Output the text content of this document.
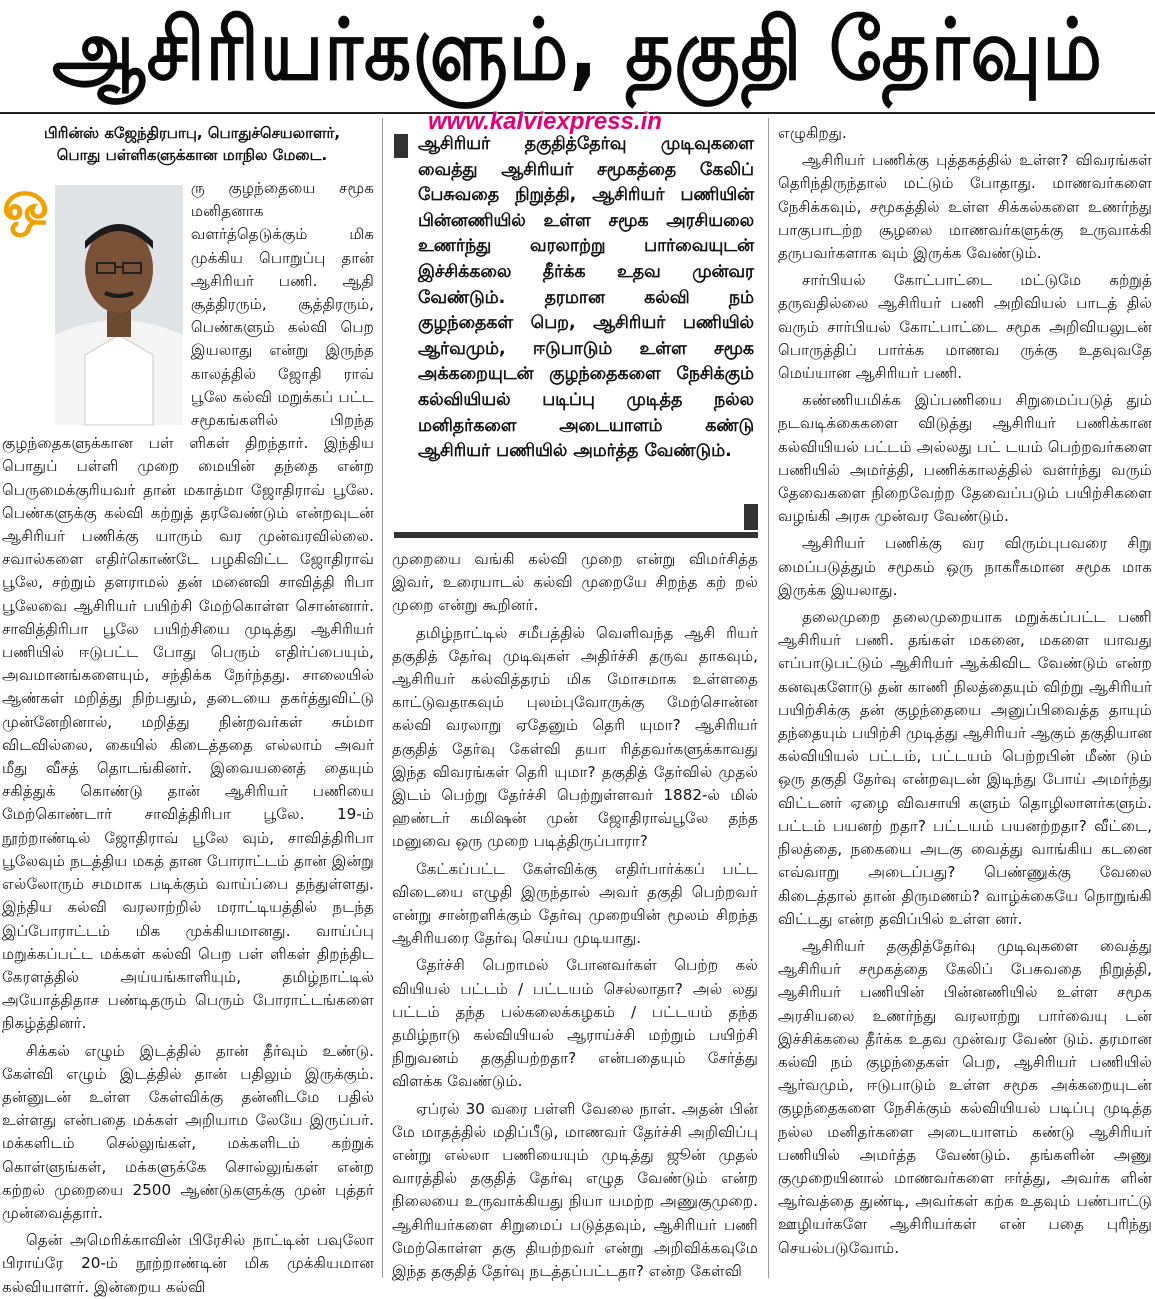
ஆசிரியர்களும், தகுதி தேர்வும்
பிரின்ஸ் கஜேந்திரபாபு, பொதுச்செயலாளர்,
பொது பள்ளிகளுக்கான மாநில மேடை.
www.kalviexpress.in

ஒ	ரு குழந்தையை சமூக மனிதனாக வளர்த்தெடுக்கும் மிக முக்கிய பொறுப்பு தான் ஆசிரியர் பணி. ஆதி சூத்திரரும், சூத்திரரும், பெண்களும் கல்வி பெற இயலாது என்று இருந்த காலத்தில் ஜோதி ராவ் பூலே கல்வி மறுக்கப் பட்ட சமூகங்களில் பிறந்த குழந்தைகளுக்கான பள் ளிகள் திறந்தார். இந்திய பொதுப் பள்ளி முறை மையின் தந்தை என்ற பெருமைக்குரியவர் தான் மகாத்மா ஜோதிராவ் பூலே. பெண்களுக்கு கல்வி கற்றுத் தரவேண்டும் என்றவுடன் ஆசிரியர் பணிக்கு யாரும் வர முன்வரவில்லை. சவால்களை எதிர்கொண்டே பழகிவிட்ட ஜோதிராவ் பூலே, சற்றும் தளராமல் தன் மனைவி சாவித்தி ரிபா பூலேவை ஆசிரியர் பயிற்சி மேற்கொள்ள சொன்னார். சாவித்திரிபா பூலே பயிற்சியை முடித்து ஆசிரியர் பணியில் ஈடுபட்ட போது பெரும் எதிர்ப்பையும், அவமானங்களையும், சந்திக்க நேர்ந்தது. சாலையில் ஆண்கள் மறித்து நிற்பதும், தடையை தகர்த்துவிட்டு முன்னேறினால், மறித்து நின்றவர்கள் சும்மா விடவில்லை, கையில் கிடைத்ததை எல்லாம் அவர் மீது வீசத் தொடங்கினர். இவையனைத் தையும் சகித்துக் கொண்டு தான் ஆசிரியர் பணியை மேற்கொண்டார் சாவித்திரிபா பூலே. 19-ம் நூற்றாண்டில் ஜோதிராவ் பூலே வும், சாவித்திரிபா பூலேவும் நடத்திய மகத் தான போராட்டம் தான் இன்று எல்லோரும் சமமாக படிக்கும் வாய்ப்பை தந்துள்ளது. இந்திய கல்வி வரலாற்றில் மராட்டியத்தில் நடந்த இப்போராட்டம் மிக முக்கியமானது. வாய்ப்பு மறுக்கப்பட்ட மக்கள் கல்வி பெற பள் ளிகள் திறந்திட கேரளத்தில் அய்யங்காளியும், தமிழ்நாட்டில் அயோத்திதாச பண்டிதரும் பெரும் போராட்டங்களை நிகழ்த்தினர்.

சிக்கல் எழும் இடத்தில் தான் தீர்வும் உண்டு. கேள்வி எழும் இடத்தில் தான் பதிலும் இருக்கும். தன்னுடன் உள்ள கேள்விக்கு தன்னிடமே பதில் உள்ளது என்பதை மக்கள் அறியாம லேயே இருப்பர். மக்களிடம் செல்லுங்கள், மக்களிடம் கற்றுக் கொள்ளுங்கள், மக்களுக்கே சொல்லுங்கள் என்ற கற்றல் முறையை 2500 ஆண்டுகளுக்கு முன் புத்தர் முன்வைத்தார்.

தென் அமெரிக்காவின் பிரேசில் நாட்டின் பவுலோ பிராய்ரே 20-ம் நூற்றாண்டின் மிக முக்கியமான கல்வியாளர். இன்றைய கல்வி

ஆசிரியர் தகுதித்தேர்வு முடிவுகளை வைத்து ஆசிரியர் சமூகத்தை கேலிப் பேசுவதை நிறுத்தி, ஆசிரியர் பணியின் பின்னணியில் உள்ள சமூக அரசியலை உணர்ந்து வரலாற்று பார்வையுடன் இச்சிக்கலை தீர்க்க உதவ முன்வர வேண்டும். தரமான கல்வி நம் குழந்தைகள் பெற, ஆசிரியர் பணியில் ஆர்வமும், ஈடுபாடும் உள்ள சமூக அக்கறையுடன் குழந்தைகளை நேசிக்கும் கல்வியியல் படிப்பு முடித்த நல்ல மனிதர்களை அடையாளம் கண்டு ஆசிரியர் பணியில் அமர்த்த வேண்டும்.

முறையை வங்கி கல்வி முறை என்று விமர்சித்த இவர், உரையாடல் கல்வி முறையே சிறந்த கற் றல் முறை என்று கூறினர்.

தமிழ்நாட்டில் சமீபத்தில் வெளிவந்த ஆசி ரியர் தகுதித் தேர்வு முடிவுகள் அதிர்ச்சி தருவ தாகவும், ஆசிரியர் கல்வித்தரம் மிக மோசமாக உள்ளதை காட்டுவதாகவும் புலம்புவோருக்கு மேற்சொன்ன கல்வி வரலாறு ஏதேனும் தெரி யுமா? ஆசிரியர் தகுதித் தேர்வு கேள்வி தயா ரித்தவர்களுக்காவது இந்த விவரங்கள் தெரி யுமா? தகுதித் தேர்வில் முதல் இடம் பெற்று தேர்ச்சி பெற்றுள்ளவர் 1882-ல் மில் ஹண்டர் கமிஷன் முன் ஜோதிராவ்பூலே தந்த மனுவை ஒரு முறை படித்திருப்பாரா?

கேட்கப்பட்ட கேள்விக்கு எதிர்பார்க்கப் பட்ட விடையை எழுதி இருந்தால் அவர் தகுதி பெற்றவர் என்று சான்றளிக்கும் தேர்வு முறையின் மூலம் சிறந்த ஆசிரியரை தேர்வு செய்ய முடியாது.

தேர்ச்சி பெறாமல் போனவர்கள் பெற்ற கல் வியியல் பட்டம் / பட்டயம் செல்லாதா? அல் லது பட்டம் தந்த பல்கலைக்கழகம் / பட்டயம் தந்த தமிழ்நாடு கல்வியியல் ஆராய்ச்சி மற்றும் பயிற்சி நிறுவனம் தகுதியற்றதா? என்பதையும் சேர்த்து விளக்க வேண்டும்.

ஏப்ரல் 30 வரை பள்ளி வேலை நாள். அதன் பின் மே மாதத்தில் மதிப்பீடு, மாணவர் தேர்ச்சி அறிவிப்பு என்று எல்லா பணியையும் முடித்து ஜூன் முதல் வாரத்தில் தகுதித் தேர்வு எழுத வேண்டும் என்ற நிலையை உருவாக்கியது நியா யமற்ற அணுகுமுறை. ஆசிரியர்களை சிறுமைப் படுத்தவும், ஆசிரியர் பணி மேற்கொள்ள தகு தியற்றவர் என்று அறிவிக்கவுமே இந்த தகுதித் தேர்வு நடத்தப்பட்டதா? என்ற கேள்வி

எழுகிறது.

ஆசிரியர் பணிக்கு புத்தகத்தில் உள்ள? விவரங்கள் தெரிந்திருந்தால் மட்டும் போதாது. மாணவர்களை நேசிக்கவும், சமூகத்தில் உள்ள சிக்கல்களை உணர்ந்து பாகுபாடற்ற சூழலை மாணவர்களுக்கு உருவாக்கி தருபவர்களாக வும் இருக்க வேண்டும்.

சார்பியல் கோட்பாட்டை மட்டுமே கற்றுத் தருவதில்லை ஆசிரியர் பணி அறிவியல் பாடத் தில் வரும் சார்பியல் கோட்பாட்டை சமூக அறிவியலுடன் பொருத்திப் பார்க்க மாணவ ருக்கு உதவுவதே மெய்யான ஆசிரியர் பணி.

கண்ணியமிக்க இப்பணியை சிறுமைப்படுத் தும் நடவடிக்கைகளை விடுத்து ஆசிரியர் பணிக்கான கல்வியியல் பட்டம் அல்லது பட் டயம் பெற்றவர்களை பணியில் அமர்த்தி, பணிக்காலத்தில் வளர்ந்து வரும் தேவைகளை நிறைவேற்ற தேவைப்படும் பயிற்சிகளை வழங்கி அரசு முன்வர வேண்டும்.

ஆசிரியர் பணிக்கு வர விரும்புபவரை சிறு மைப்படுத்தும் சமூகம் ஒரு நாகரீகமான சமூக மாக இருக்க இயலாது.

தலைமுறை தலைமுறையாக மறுக்கப்பட்ட பணி ஆசிரியர் பணி. தங்கள் மகனை, மகளை யாவது எப்பாடுபட்டும் ஆசிரியர் ஆக்கிவிட வேண்டும் என்ற கனவுகளோடு தன் காணி நிலத்தையும் விற்று ஆசிரியர் பயிற்சிக்கு தன் குழந்தையை அனுப்பிவைத்த தாயும் தந்தையும் பயிற்சி முடித்து ஆசிரியர் ஆகும் தகுதியான கல்வியியல் பட்டம், பட்டயம் பெற்றபின் மீண் டும் ஒரு தகுதி தேர்வு என்றவுடன் இடிந்து போய் அமர்ந்து விட்டனர் ஏழை விவசாயி களும் தொழிலாளர்களும். பட்டம் பயனற் றதா? பட்டயம் பயனற்றதா? வீட்டை, நிலத்தை, நகையை அடகு வைத்து வாங்கிய கடனை எவ்வாறு அடைப்பது? பெண்ணுக்கு வேலை கிடைத்தால் தான் திருமணம்? வாழ்க்கையே நொறுங்கி விட்டது என்ற தவிப்பில் உள்ள னர்.

ஆசிரியர் தகுதித்தேர்வு முடிவுகளை வைத்து ஆசிரியர் சமூகத்தை கேலிப் பேசுவதை நிறுத்தி, ஆசிரியர் பணியின் பின்னணியில் உள்ள சமூக அரசியலை உணர்ந்து வரலாற்று பார்வையு டன் இச்சிக்கலை தீர்க்க உதவ முன்வர வேண் டும். தரமான கல்வி நம் குழந்தைகள் பெற, ஆசிரியர் பணியில் ஆர்வமும், ஈடுபாடும் உள்ள சமூக அக்கறையுடன் குழந்தைகளை நேசிக்கும் கல்வியியல் படிப்பு முடித்த நல்ல மனிதர்களை அடையாளம் கண்டு ஆசிரியர் பணியில் அமர்த்த வேண்டும். தங்களின் அணு குமுறையினால் மாணவர்களை ஈர்த்து, அவர்க ளின் ஆர்வத்தை துண்டி, அவர்கள் கற்க உதவும் பண்பாட்டு ஊழியர்களே ஆசிரியர்கள் என் பதை புரிந்து செயல்படுவோம்.
